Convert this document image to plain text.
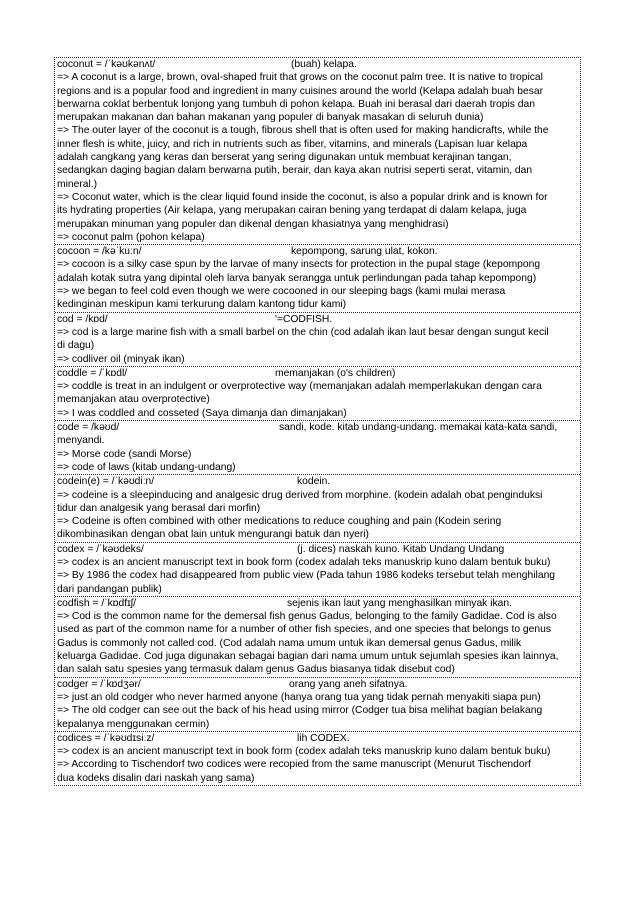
coconut = /ˈkəʊkənʌt/	(buah) kelapa.
=> A coconut is a large, brown, oval-shaped fruit that grows on the coconut palm tree. It is native to tropical
regions and is a popular food and ingredient in many cuisines around the world (Kelapa adalah buah besar
berwarna coklat berbentuk lonjong yang tumbuh di pohon kelapa. Buah ini berasal dari daerah tropis dan
merupakan makanan dan bahan makanan yang populer di banyak masakan di seluruh dunia)
=> The outer layer of the coconut is a tough, fibrous shell that is often used for making handicrafts, while the
inner flesh is white, juicy, and rich in nutrients such as fiber, vitamins, and minerals (Lapisan luar kelapa
adalah cangkang yang keras dan berserat yang sering digunakan untuk membuat kerajinan tangan,
sedangkan daging bagian dalam berwarna putih, berair, dan kaya akan nutrisi seperti serat, vitamin, dan
mineral.)
=> Coconut water, which is the clear liquid found inside the coconut, is also a popular drink and is known for
its hydrating properties (Air kelapa, yang merupakan cairan bening yang terdapat di dalam kelapa, juga
merupakan minuman yang populer dan dikenal dengan khasiatnya yang menghidrasi)
=> coconut palm (pohon kelapa)
cocoon = /kəˈkuːn/	kepompong, sarung ulat, kokon.
=> cocoon is a silky case spun by the larvae of many insects for protection in the pupal stage (kepompong
adalah kotak sutra yang dipintal oleh larva banyak serangga untuk perlindungan pada tahap kepompong)
=> we began to feel cold even though we were cocooned in our sleeping bags (kami mulai merasa
kedinginan meskipun kami terkurung dalam kantong tidur kami)
cod = /kɒd/	'=CODFISH.
=> cod is a large marine fish with a small barbel on the chin (cod adalah ikan laut besar dengan sungut kecil
di dagu)
=> codliver oil (minyak ikan)
coddle = /ˈkɒdl/	memanjakan (o's children)
=> coddle is treat in an indulgent or overprotective way (memanjakan adalah memperlakukan dengan cara
memanjakan atau overprotective)
=> I was coddled and cosseted (Saya dimanja dan dimanjakan)
code = /kəʊd/	sandi, kode. kitab undang-undang. memakai kata-kata sandi,
menyandi.
=> Morse code (sandi Morse)
=> code of laws (kitab undang-undang)
codein(e) = /ˈkəʊdiːn/	kodein.
=> codeine is a sleepinducing and analgesic drug derived from morphine. (kodein adalah obat penginduksi
tidur dan analgesik yang berasal dari morfin)
=> Codeine is often combined with other medications to reduce coughing and pain (Kodein sering
dikombinasikan dengan obat lain untuk mengurangi batuk dan nyeri)
codex = /ˈkəʊdeks/	(j. dices) naskah kuno. Kitab Undang Undang
=> codex is an ancient manuscript text in book form (codex adalah teks manuskrip kuno dalam bentuk buku)
=> By 1986 the codex had disappeared from public view (Pada tahun 1986 kodeks tersebut telah menghilang
dari pandangan publik)
codfish = /ˈkɒdfɪʃ/	sejenis ikan laut yang menghasilkan minyak ikan.
=> Cod is the common name for the demersal fish genus Gadus, belonging to the family Gadidae. Cod is also
used as part of the common name for a number of other fish species, and one species that belongs to genus
Gadus is commonly not called cod. (Cod adalah nama umum untuk ikan demersal genus Gadus, milik
keluarga Gadidae. Cod juga digunakan sebagai bagian dari nama umum untuk sejumlah spesies ikan lainnya,
dan salah satu spesies yang termasuk dalam genus Gadus biasanya tidak disebut cod)
codger = /ˈkɒdʒər/	orang yang aneh sifatnya.
=> just an old codger who never harmed anyone (hanya orang tua yang tidak pernah menyakiti siapa pun)
=> The old codger can see out the back of his head using mirror (Codger tua bisa melihat bagian belakang
kepalanya menggunakan cermin)
codices = /ˈkəʊdɪsiːz/	lih CODEX.
=> codex is an ancient manuscript text in book form (codex adalah teks manuskrip kuno dalam bentuk buku)
=> According to Tischendorf two codices were recopied from the same manuscript (Menurut Tischendorf
dua kodeks disalin dari naskah yang sama)
